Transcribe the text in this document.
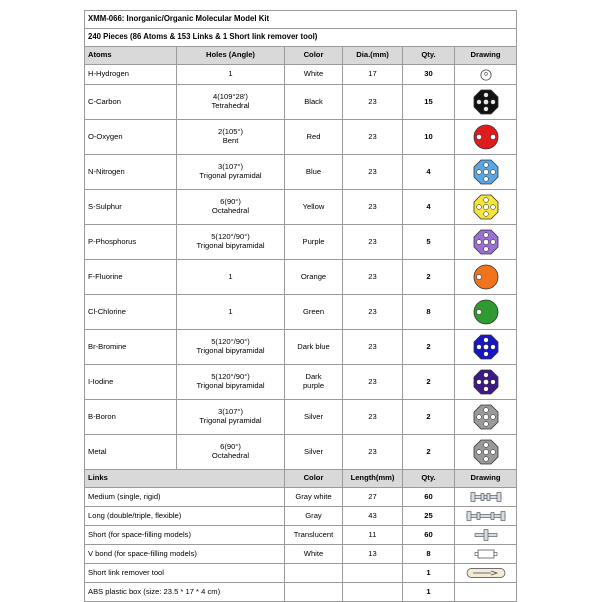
XMM-066: Inorganic/Organic Molecular Model Kit					
240 Pieces (86 Atoms & 153 Links & 1 Short link remover tool)					
Atoms	Holes (Angle)	Color	Dia.(mm)	Qty.	Drawing
H-Hydrogen	1	White	17	30	

C-Carbon	4(109°28')
Tetrahedral	Black	23	15	

O-Oxygen	2(105°)
Bent	Red	23	10	

N-Nitrogen	3(107°)
Trigonal pyramidal	Blue	23	4	

S-Sulphur	6(90°)
Octahedral	Yellow	23	4	

P-Phosphorus	5(120°/90°)
Trigonal bipyramidal	Purple	23	5	

F-Fluorine	1	Orange	23	2	

Cl-Chlorine	1	Green	23	8	

Br-Bromine	5(120°/90°)
Trigonal bipyramidal	Dark blue	23	2	

I-Iodine	5(120°/90°)
Trigonal bipyramidal	Dark
purple	23	2	

B-Boron	3(107°)
Trigonal pyramidal	Silver	23	2	

Metal	6(90°)
Octahedral	Silver	23	2	

Links		Color	Length(mm)	Qty.	Drawing
Medium (single, rigid)		Gray white	27	60	

Long (double/triple, flexible)		Gray	43	25	

Short (for space-filling models)		Translucent	11	60	

V bond (for space-filling models)		White	13	8	

Short link remover tool				1	

ABS plastic box (size: 23.5 * 17 * 4 cm)				1	
